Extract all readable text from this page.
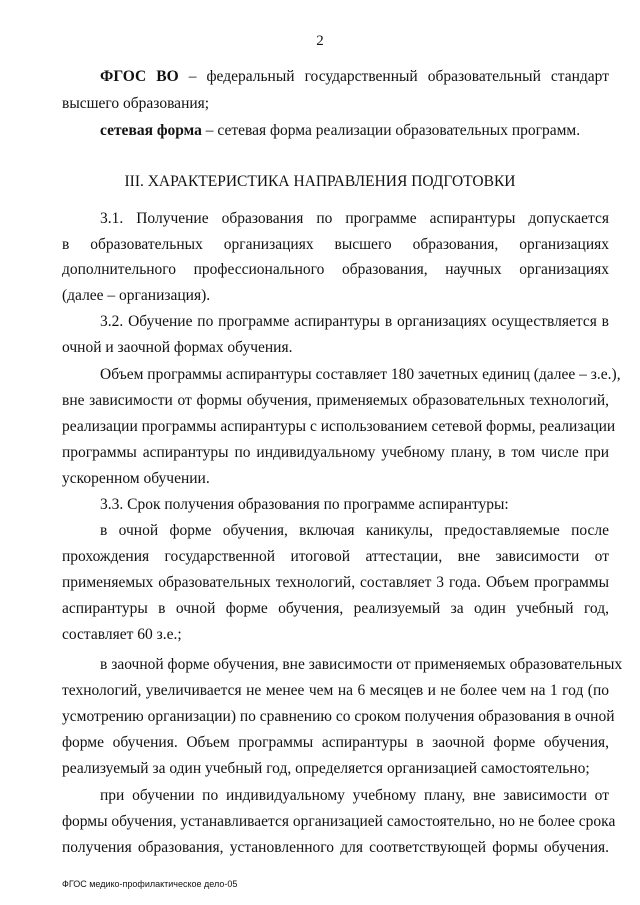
2
ФГОС ВО – федеральный государственный образовательный стандарт
высшего образования;
сетевая форма – сетевая форма реализации образовательных программ.
III. ХАРАКТЕРИСТИКА НАПРАВЛЕНИЯ ПОДГОТОВКИ
3.1. Получение образования по программе аспирантуры допускается
в образовательных организациях высшего образования, организациях
дополнительного профессионального образования, научных организациях
(далее – организация).
3.2. Обучение по программе аспирантуры в организациях осуществляется в
очной и заочной формах обучения.
Объем программы аспирантуры составляет 180 зачетных единиц (далее – з.е.),
вне зависимости от формы обучения, применяемых образовательных технологий,
реализации программы аспирантуры с использованием сетевой формы, реализации
программы аспирантуры по индивидуальному учебному плану, в том числе при
ускоренном обучении.
3.3. Срок получения образования по программе аспирантуры:
в очной форме обучения, включая каникулы, предоставляемые после
прохождения государственной итоговой аттестации, вне зависимости от
применяемых образовательных технологий, составляет 3 года. Объем программы
аспирантуры в очной форме обучения, реализуемый за один учебный год,
составляет 60 з.е.;
в заочной форме обучения, вне зависимости от применяемых образовательных
технологий, увеличивается не менее чем на 6 месяцев и не более чем на 1 год (по
усмотрению организации) по сравнению со сроком получения образования в очной
форме обучения. Объем программы аспирантуры в заочной форме обучения,
реализуемый за один учебный год, определяется организацией самостоятельно;
при обучении по индивидуальному учебному плану, вне зависимости от
формы обучения, устанавливается организацией самостоятельно, но не более срока
получения образования, установленного для соответствующей формы обучения.
ФГОС медико-профилактическое дело-05
